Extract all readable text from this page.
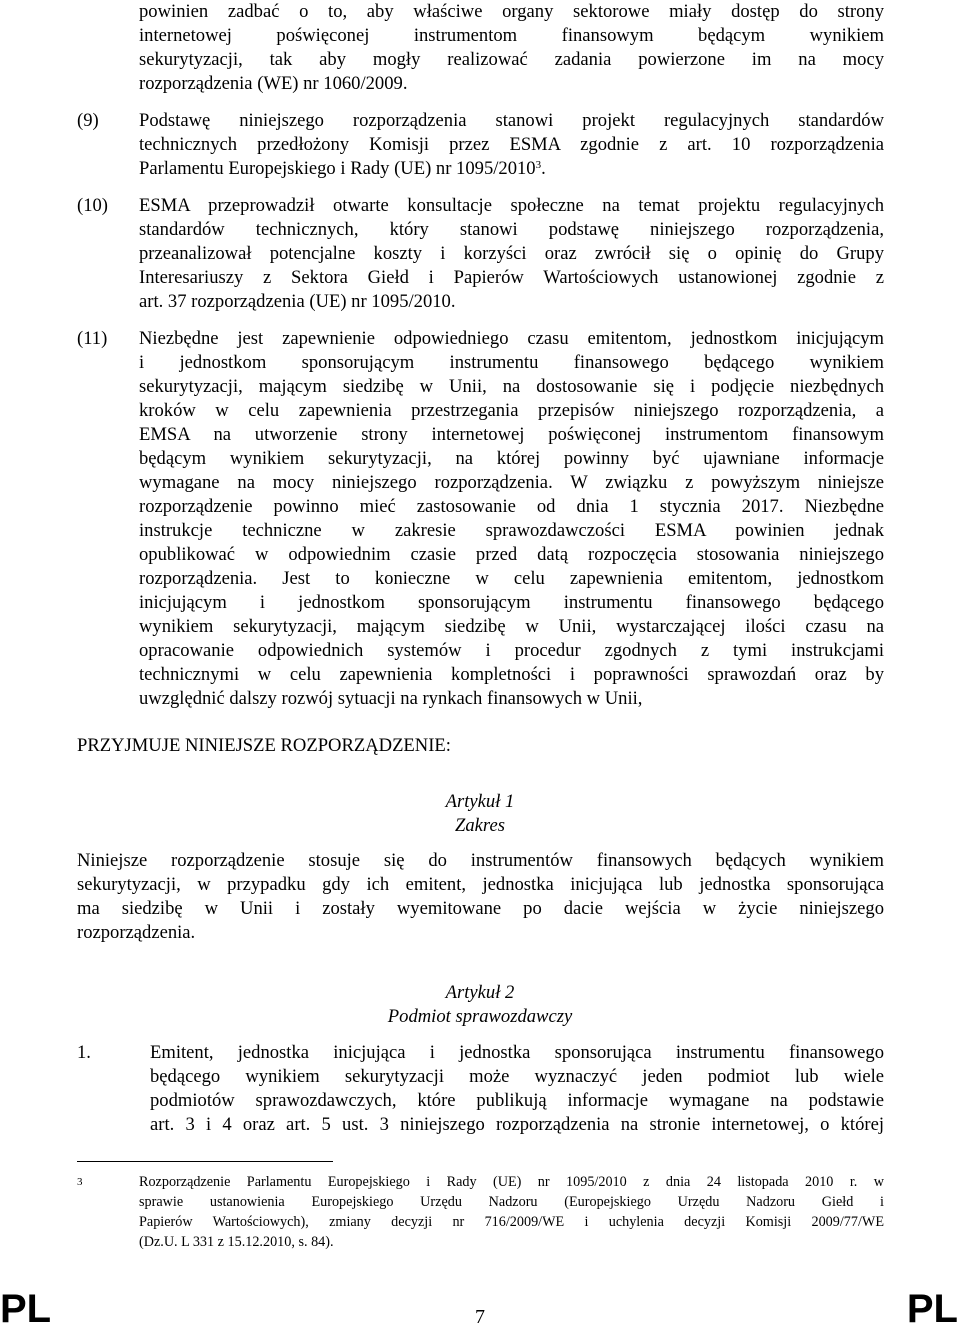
powinien zadbać o to, aby właściwe organy sektorowe miały dostęp do strony
internetowej poświęconej instrumentom finansowym będącym wynikiem
sekurytyzacji, tak aby mogły realizować zadania powierzone im na mocy
rozporządzenia (WE) nr 1060/2009.
(9) Podstawę niniejszego rozporządzenia stanowi projekt regulacyjnych standardów
technicznych przedłożony Komisji przez ESMA zgodnie z art. 10 rozporządzenia
Parlamentu Europejskiego i Rady (UE) nr 1095/2010$^3$.
(10) ESMA przeprowadził otwarte konsultacje społeczne na temat projektu regulacyjnych
standardów technicznych, który stanowi podstawę niniejszego rozporządzenia,
przeanalizował potencjalne koszty i korzyści oraz zwrócił się o opinię do Grupy
Interesariuszy z Sektora Giełd i Papierów Wartościowych ustanowionej zgodnie z
art. 37 rozporządzenia (UE) nr 1095/2010.
(11) Niezbędne jest zapewnienie odpowiedniego czasu emitentom, jednostkom inicjującym
i jednostkom sponsorującym instrumentu finansowego będącego wynikiem
sekurytyzacji, mającym siedzibę w Unii, na dostosowanie się i podjęcie niezbędnych
kroków w celu zapewnienia przestrzegania przepisów niniejszego rozporządzenia, a
EMSA na utworzenie strony internetowej poświęconej instrumentom finansowym
będącym wynikiem sekurytyzacji, na której powinny być ujawniane informacje
wymagane na mocy niniejszego rozporządzenia. W związku z powyższym niniejsze
rozporządzenie powinno mieć zastosowanie od dnia 1 stycznia 2017. Niezbędne
instrukcje techniczne w zakresie sprawozdawczości ESMA powinien jednak
opublikować w odpowiednim czasie przed datą rozpoczęcia stosowania niniejszego
rozporządzenia. Jest to konieczne w celu zapewnienia emitentom, jednostkom
inicjującym i jednostkom sponsorującym instrumentu finansowego będącego
wynikiem sekurytyzacji, mającym siedzibę w Unii, wystarczającej ilości czasu na
opracowanie odpowiednich systemów i procedur zgodnych z tymi instrukcjami
technicznymi w celu zapewnienia kompletności i poprawności sprawozdań oraz by
uwzględnić dalszy rozwój sytuacji na rynkach finansowych w Unii,
PRZYJMUJE NINIEJSZE ROZPORZĄDZENIE:
Artykuł 1
Zakres
Niniejsze rozporządzenie stosuje się do instrumentów finansowych będących wynikiem
sekurytyzacji, w przypadku gdy ich emitent, jednostka inicjująca lub jednostka sponsorująca
ma siedzibę w Unii i zostały wyemitowane po dacie wejścia w życie niniejszego
rozporządzenia.
Artykuł 2
Podmiot sprawozdawczy
1.	Emitent, jednostka inicjująca i jednostka sponsorująca instrumentu finansowego
będącego wynikiem sekurytyzacji może wyznaczyć jeden podmiot lub wiele
podmiotów sprawozdawczych, które publikują informacje wymagane na podstawie
art. 3 i 4 oraz art. 5 ust. 3 niniejszego rozporządzenia na stronie internetowej, o której
3	Rozporządzenie Parlamentu Europejskiego i Rady (UE) nr 1095/2010 z dnia 24 listopada 2010 r. w
sprawie ustanowienia Europejskiego Urzędu Nadzoru (Europejskiego Urzędu Nadzoru Giełd i
Papierów Wartościowych), zmiany decyzji nr 716/2009/WE i uchylenia decyzji Komisji 2009/77/WE
(Dz.U. L 331 z 15.12.2010, s. 84).
PL	7	PL
